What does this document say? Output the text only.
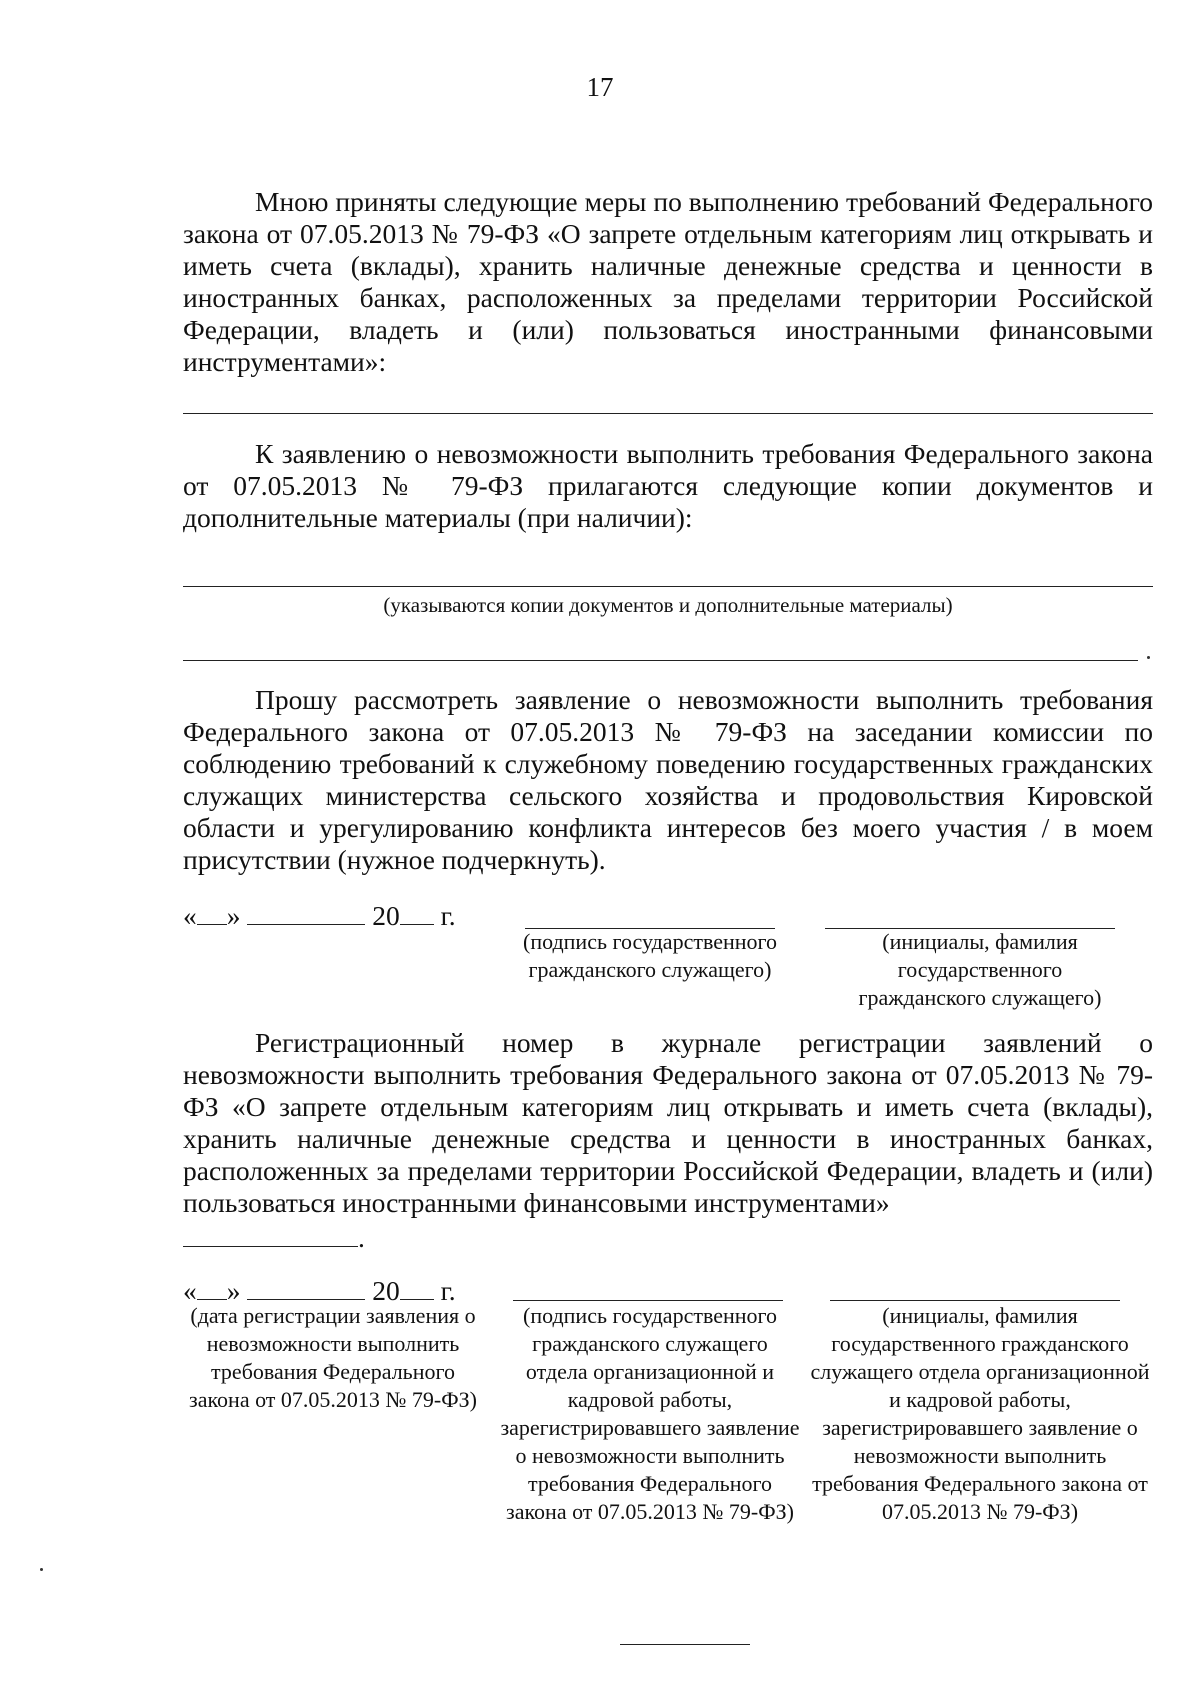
17
Мною приняты следующие меры по выполнению требований Федерального закона от 07.05.2013 № 79-ФЗ «О запрете отдельным категориям лиц открывать и иметь счета (вклады), хранить наличные денежные средства и ценности в иностранных банках, расположенных за пределами территории Российской Федерации, владеть и (или) пользоваться иностранными финансовыми инструментами»:
К заявлению о невозможности выполнить требования Федерального закона от 07.05.2013 № 79-ФЗ прилагаются следующие копии документов и дополнительные материалы (при наличии):
(указываются копии документов и дополнительные материалы)
Прошу рассмотреть заявление о невозможности выполнить требования Федерального закона от 07.05.2013 № 79-ФЗ на заседании комиссии по соблюдению требований к служебному поведению государственных гражданских служащих министерства сельского хозяйства и продовольствия Кировской области и урегулированию конфликта интересов без моего участия / в моем присутствии (нужное подчеркнуть).
« »	20 г.
(подпись государственного гражданского служащего)
(инициалы, фамилия государственного гражданского служащего)
Регистрационный номер в журнале регистрации заявлений о невозможности выполнить требования Федерального закона от 07.05.2013 № 79-ФЗ «О запрете отдельным категориям лиц открывать и иметь счета (вклады), хранить наличные денежные средства и ценности в иностранных банках, расположенных за пределами территории Российской Федерации, владеть и (или) пользоваться иностранными финансовыми инструментами»
.
« »	20 г.
(дата регистрации заявления о невозможности выполнить требования Федерального закона от 07.05.2013 № 79-ФЗ)
(подпись государственного гражданского служащего отдела организационной и кадровой работы, зарегистрировавшего заявление о невозможности выполнить требования Федерального закона от 07.05.2013 № 79-ФЗ)
(инициалы, фамилия государственного гражданского служащего отдела организационной и кадровой работы, зарегистрировавшего заявление о невозможности выполнить требования Федерального закона от 07.05.2013 № 79-ФЗ)
